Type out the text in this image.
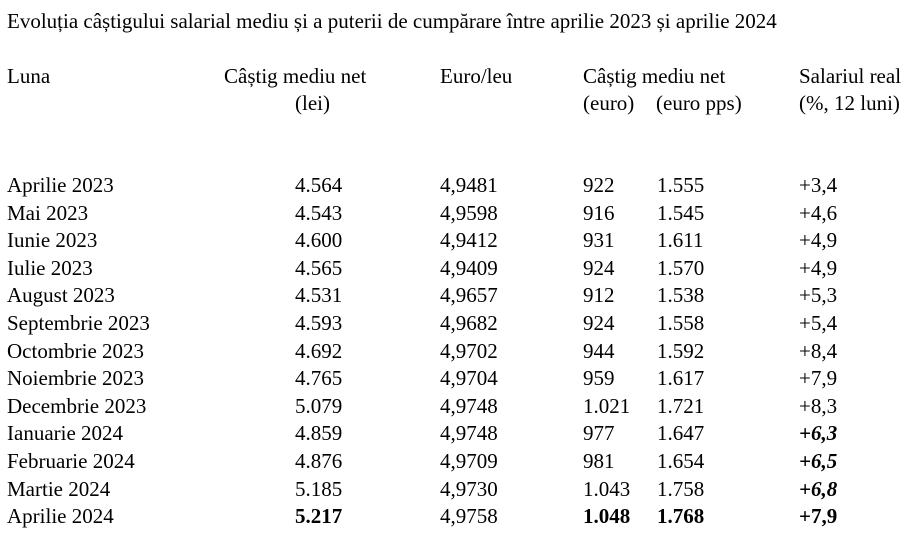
Evoluția câștigului salarial mediu și a puterii de cumpărare între aprilie 2023 și aprilie 2024
Luna	Câștig mediu net
(lei)
Euro/leu	Câștig mediu net
(euro) (euro pps)
Salariul real
(%, 12 luni)
Aprilie 2023	4.564	4,9481	922 1.555	+3,4
Mai 2023	4.543	4,9598	916 1.545	+4,6
Iunie 2023	4.600	4,9412	931 1.611	+4,9
Iulie 2023	4.565	4,9409	924 1.570	+4,9
August 2023	4.531	4,9657	912 1.538	+5,3
Septembrie 2023	4.593	4,9682	924 1.558	+5,4
Octombrie 2023	4.692	4,9702	944 1.592	+8,4
Noiembrie 2023	4.765	4,9704	959 1.617	+7,9
Decembrie 2023	5.079	4,9748	1.021 1.721	+8,3
Ianuarie 2024	4.859	4,9748	977 1.647	+6,3
Februarie 2024	4.876	4,9709	981 1.654	+6,5
Martie 2024	5.185	4,9730	1.043 1.758	+6,8
Aprilie 2024	5.217	4,9758	1.048 1.768	+7,9
